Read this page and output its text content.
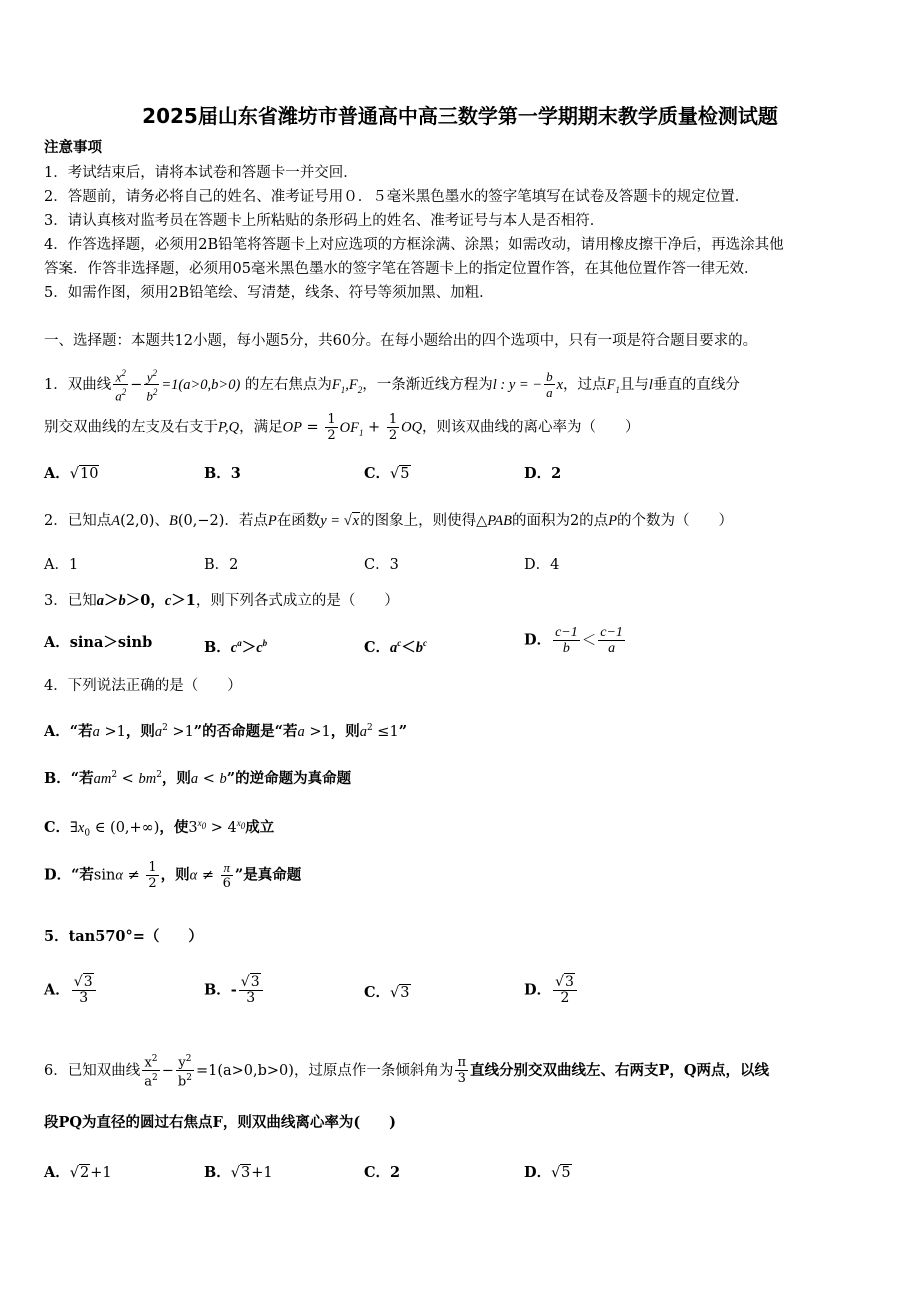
2025届山东省潍坊市普通高中高三数学第一学期期末教学质量检测试题
注意事项
1．考试结束后，请将本试卷和答题卡一并交回．
2．答题前，请务必将自己的姓名、准考证号用０．５毫米黑色墨水的签字笔填写在试卷及答题卡的规定位置．
3．请认真核对监考员在答题卡上所粘贴的条形码上的姓名、准考证号与本人是否相符．
4．作答选择题，必须用2B铅笔将答题卡上对应选项的方框涂满、涂黑；如需改动，请用橡皮擦干净后，再选涂其他
答案．作答非选择题，必须用05毫米黑色墨水的签字笔在答题卡上的指定位置作答，在其他位置作答一律无效．
5．如需作图，须用2B铅笔绘、写清楚，线条、符号等须加黑、加粗．
一、选择题：本题共12小题，每小题5分，共60分。在每小题给出的四个选项中，只有一项是符合题目要求的。
1．双曲线 $\frac{x^2}{a^2} - \frac{y^2}{b^2} =1(a>0,b>0)$ 的左右焦点为$F_1,F_2$，一条渐近线方程为l : y = − $\frac{b}{a}$ x，过点$F_1$且与l垂直的直线分
别交双曲线的左支及右支于P,Q，满足OP = $\frac{1}{2} OF_1 + \frac{1}{2}$ OQ，则该双曲线的离心率为（　　）
A．√10	B．3	C．√5	D．2
2．已知点A(2,0)、B(0,−2)．若点P在函数y = √x的图象上，则使得△PAB的面积为2的点P的个数为（　　）
A．1	B．2	C．3	D．4
3．已知a＞b＞0，c＞1，则下列各式成立的是（　　）
A．sina＞sinb	B．$c^a>c^b$	C．$a^c<b^c$	D． $\frac{c-1}{b} < \frac{c-1}{a}$
4．下列说法正确的是（　　）
A．“若a >1，则$a^2 >1$”的否命题是“若a >1，则$a^2 \le 1$”
B．“若$am^2 < bm^2$，则a < b”的逆命题为真命题
C．$\exists x_0$ ∈ (0,+∞)，使$3^{x_0} > 4^{x_0}$成立
D．“若$\sin\alpha \ne \frac{1}{2}$ ，则$\alpha \ne \frac{\pi}{6}$ ”是真命题
5．tan570°=（　　）
A． $\frac{√3}{3}$	B．- $\frac{√3}{3}$	C．√3	D． $\frac{√3}{2}$
6．已知双曲线 $\frac{x^2}{a^2} - \frac{y^2}{b^2} =1(a>0,b>0)$，过原点作一条倾斜角为 $\frac{\pi}{3}$ 直线分别交双曲线左、右两支P，Q两点，以线
段PQ为直径的圆过右焦点F，则双曲线离心率为(　　)
A．√2+1	B．√3+1	C．2	D．√5
